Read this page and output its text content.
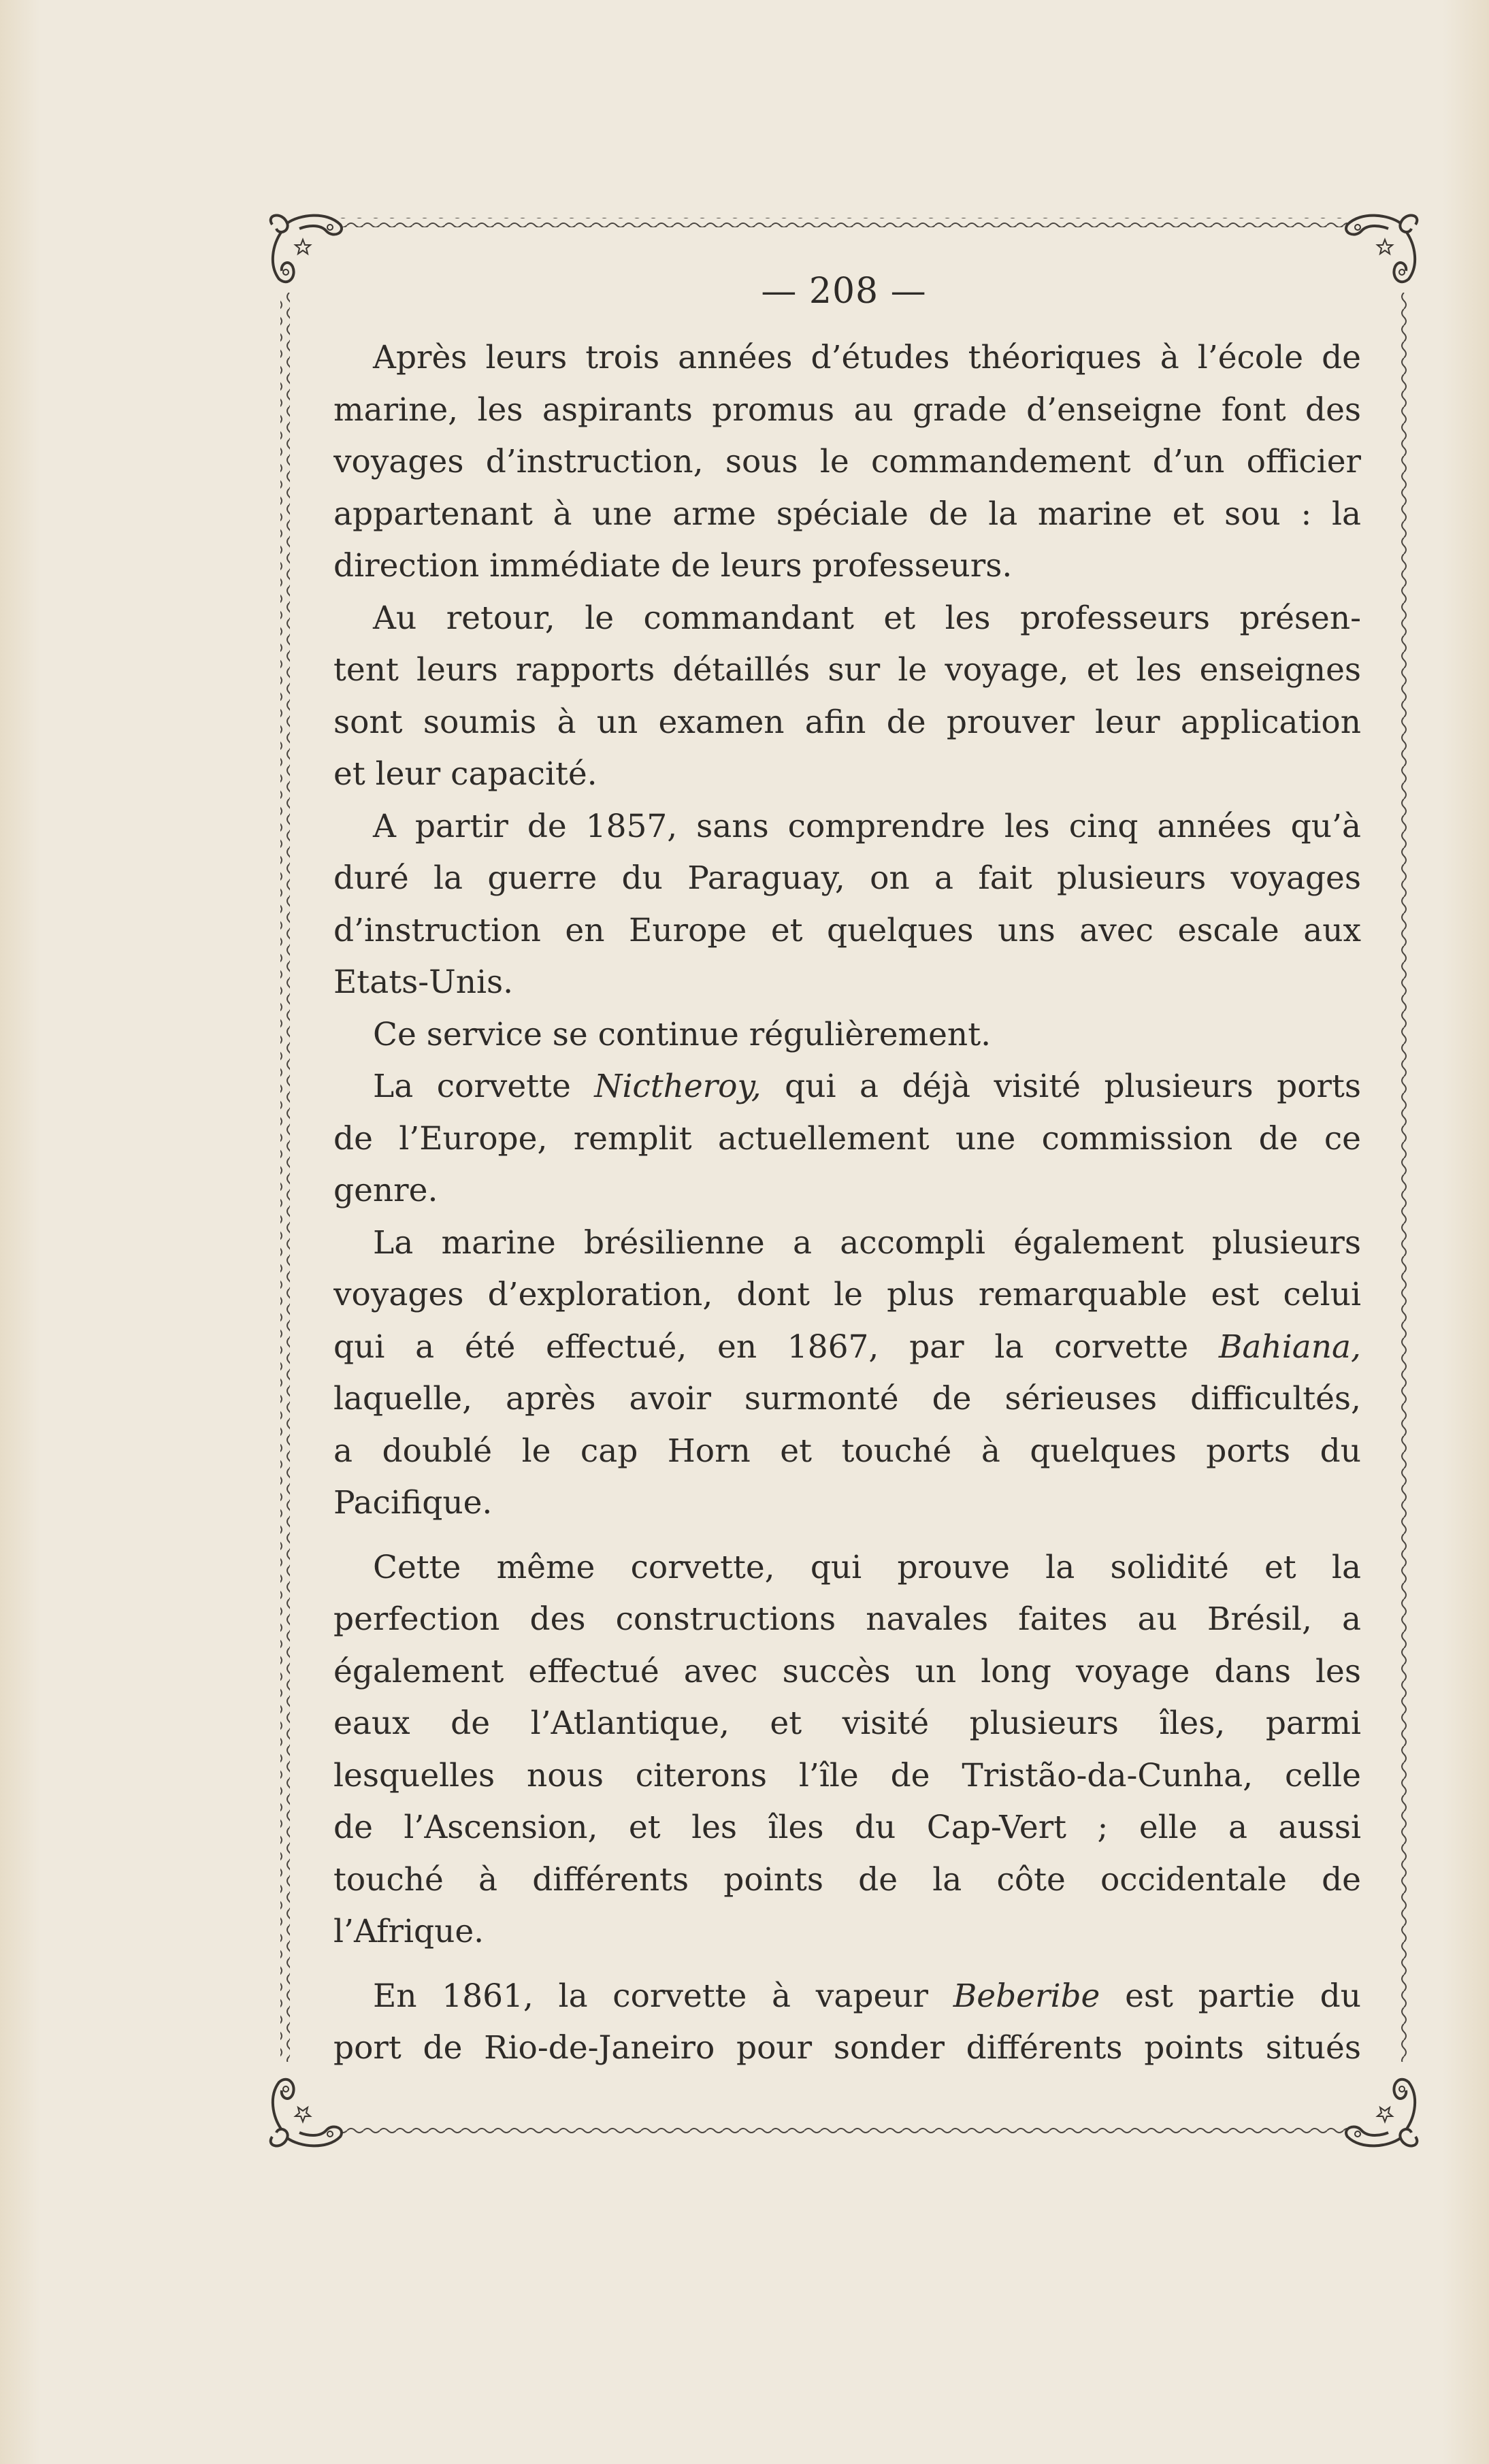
— 208 —
Après leurs trois années d’études théoriques à l’école de
marine, les aspirants promus au grade d’enseigne font des
voyages d’instruction, sous le commandement d’un officier
appartenant à une arme spéciale de la marine et sou : la
direction immédiate de leurs professeurs.
Au retour, le commandant et les professeurs présen-
tent leurs rapports détaillés sur le voyage, et les enseignes
sont soumis à un examen afin de prouver leur application
et leur capacité.
A partir de 1857, sans comprendre les cinq années qu’à
duré la guerre du Paraguay, on a fait plusieurs voyages
d’instruction en Europe et quelques uns avec escale aux
Etats-Unis.
Ce service se continue régulièrement.
La corvette Nictheroy, qui a déjà visité plusieurs ports
de l’Europe, remplit actuellement une commission de ce
genre.
La marine brésilienne a accompli également plusieurs
voyages d’exploration, dont le plus remarquable est celui
qui a été effectué, en 1867, par la corvette Bahiana,
laquelle, après avoir surmonté de sérieuses difficultés,
a doublé le cap Horn et touché à quelques ports du
Pacifique.
Cette même corvette, qui prouve la solidité et la
perfection des constructions navales faites au Brésil, a
également effectué avec succès un long voyage dans les
eaux de l’Atlantique, et visité plusieurs îles, parmi
lesquelles nous citerons l’île de Tristão-da-Cunha, celle
de l’Ascension, et les îles du Cap-Vert ; elle a aussi
touché à différents points de la côte occidentale de
l’Afrique.
En 1861, la corvette à vapeur Beberibe est partie du
port de Rio-de-Janeiro pour sonder différents points situés
